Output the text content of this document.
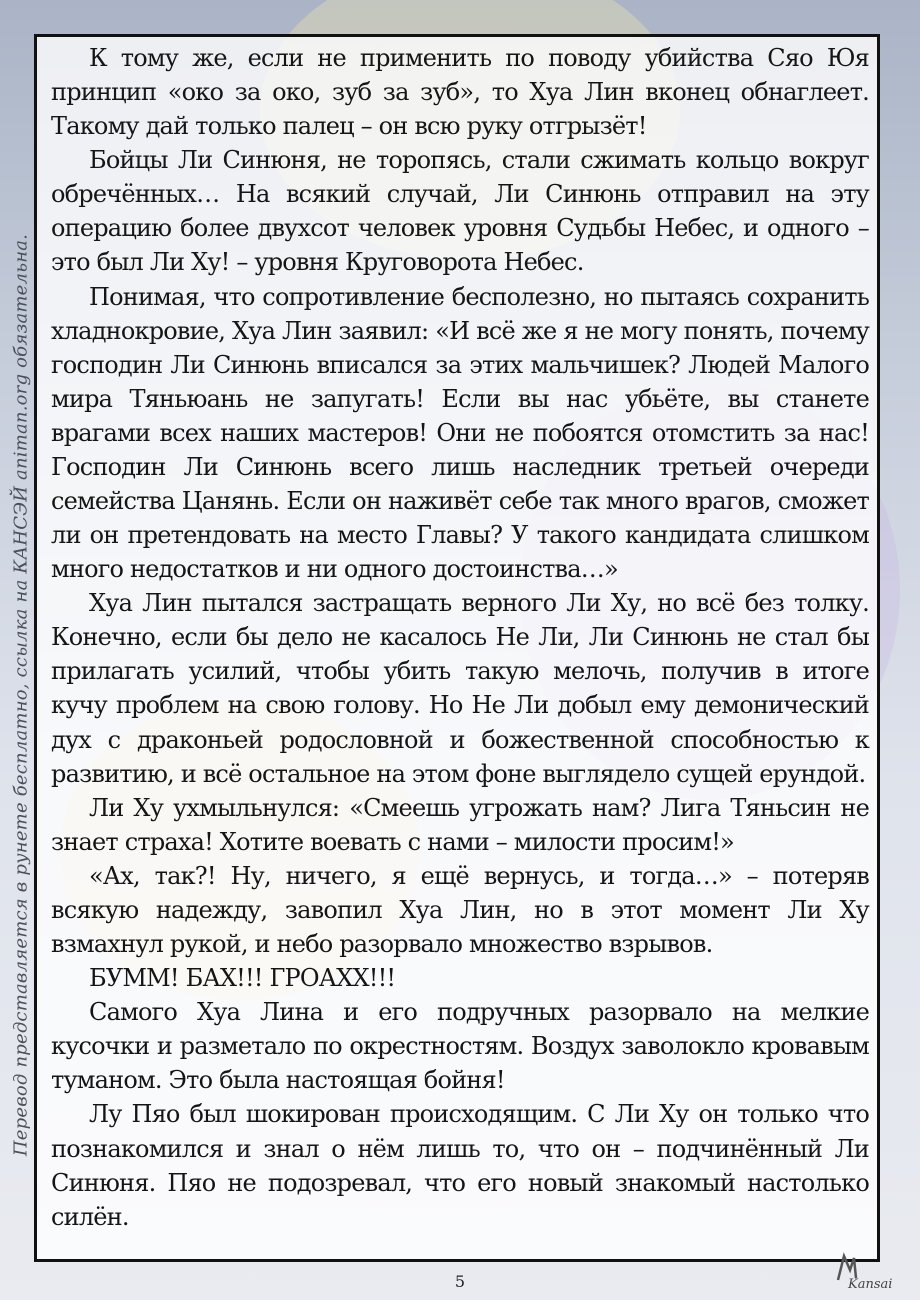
Перевод представляется в рунете бесплатно, ссылка на КАНСЭЙ animan.org обязательна.

К тому же, если не применить по поводу убийства Сяо Юя принцип «око за око, зуб за зуб», то Хуа Лин вконец обнаглеет. Такому дай только палец – он всю руку отгрызёт!

Бойцы Ли Синюня, не торопясь, стали сжимать кольцо вокруг обречённых… На всякий случай, Ли Синюнь отправил на эту операцию более двухсот человек уровня Судьбы Небес, и одного – это был Ли Ху! – уровня Круговорота Небес.

Понимая, что сопротивление бесполезно, но пытаясь сохранить хладнокровие, Хуа Лин заявил: «И всё же я не могу понять, почему господин Ли Синюнь вписался за этих мальчишек? Людей Малого мира Тяньюань не запугать! Если вы нас убьёте, вы станете врагами всех наших мастеров! Они не побоятся отомстить за нас! Господин Ли Синюнь всего лишь наследник третьей очереди семейства Цанянь. Если он наживёт себе так много врагов, сможет ли он претендовать на место Главы? У такого кандидата слишком много недостатков и ни одного достоинства…»

Хуа Лин пытался застращать верного Ли Ху, но всё без толку. Конечно, если бы дело не касалось Не Ли, Ли Синюнь не стал бы прилагать усилий, чтобы убить такую мелочь, получив в итоге кучу проблем на свою голову. Но Не Ли добыл ему демонический дух с драконьей родословной и божественной способностью к развитию, и всё остальное на этом фоне выглядело сущей ерундой.

Ли Ху ухмыльнулся: «Смеешь угрожать нам? Лига Тяньсин не знает страха! Хотите воевать с нами – милости просим!»

«Ах, так?! Ну, ничего, я ещё вернусь, и тогда…» – потеряв всякую надежду, завопил Хуа Лин, но в этот момент Ли Ху взмахнул рукой, и небо разорвало множество взрывов.

БУММ! БАХ!!! ГРОАХХ!!!

Самого Хуа Лина и его подручных разорвало на мелкие кусочки и разметало по окрестностям. Воздух заволокло кровавым туманом. Это была настоящая бойня!

Лу Пяо был шокирован происходящим. С Ли Ху он только что познакомился и знал о нём лишь то, что он – подчинённый Ли Синюня. Пяо не подозревал, что его новый знакомый настолько силён.

5	Kansai
